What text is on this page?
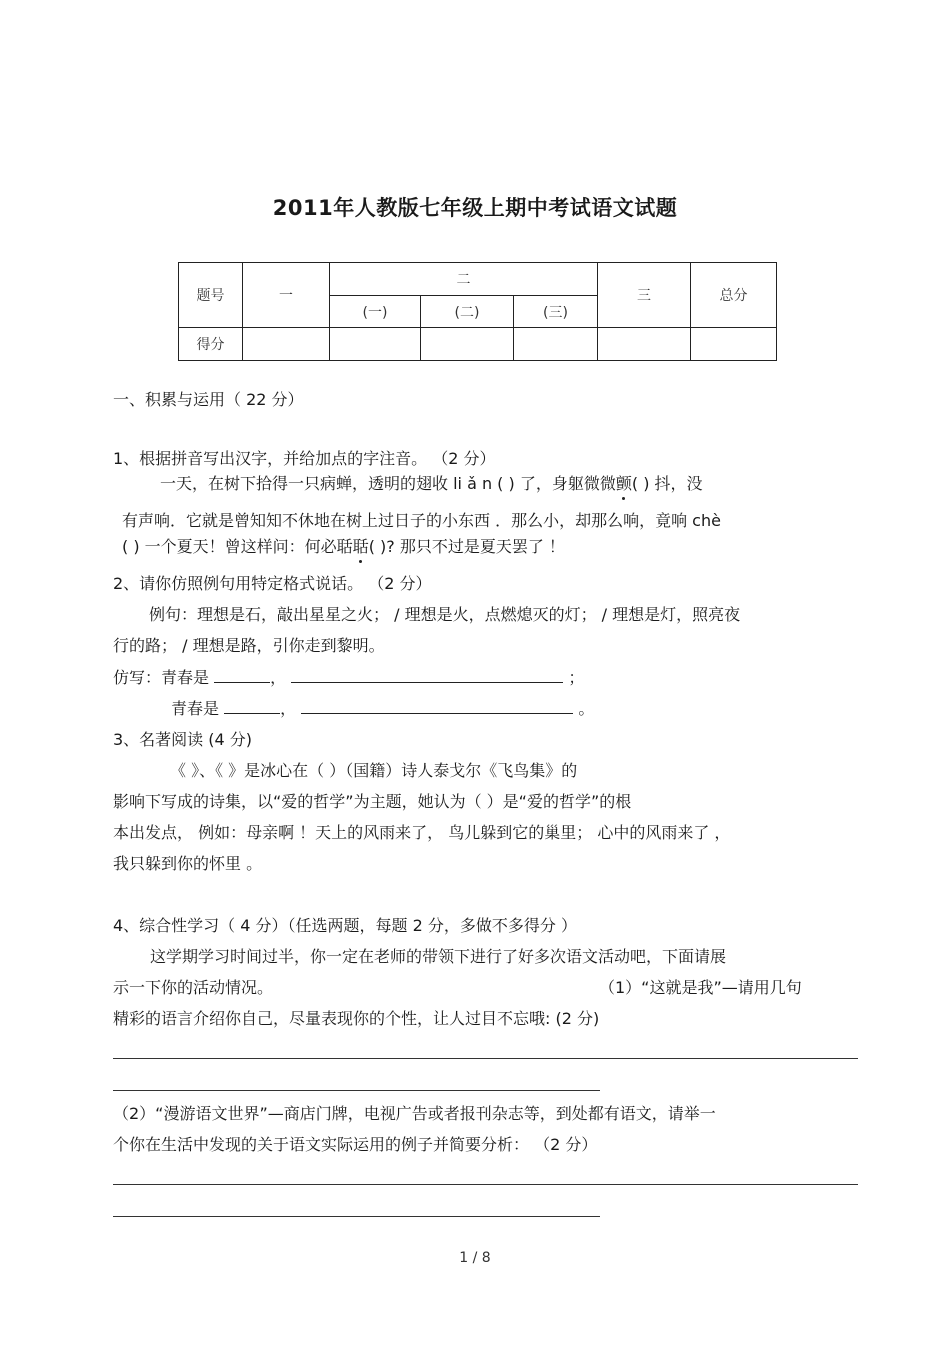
2011年人教版七年级上期中考试语文试题
题号	一	二			三	总分
		(一)	(二)	(三)		
得分						
一、积累与运用（ 22 分）
1、根据拼音写出汉字，并给加点的字注音。 （2 分）
一天，在树下拾得一只病蝉，透明的翅收 li ǎ n ( ) 了，身躯微微颤( ) 抖，没
有声响．它就是曾知知不休地在树上过日子的小东西 ．那么小，却那么响，竟响 chè
( ) 一个夏天！曾这样问：何必聒聒( )? 那只不过是夏天罢了 ！
2、请你仿照例句用特定格式说话。 （2 分）
例句：理想是石，敲出星星之火； / 理想是火，点燃熄灭的灯； / 理想是灯，照亮夜
行的路； / 理想是路，引你走到黎明。
仿写：青春是	，	；
青春是	，	。
3、名著阅读 (4 分)
《 》、《 》是冰心在（ ）（国籍）诗人泰戈尔《飞鸟集》的
影响下写成的诗集，以“爱的哲学”为主题，她认为（ ）是“爱的哲学”的根
本出发点， 例如：母亲啊 ！天上的风雨来了， 鸟儿躲到它的巢里； 心中的风雨来了 ，
我只躲到你的怀里 。
4、综合性学习（ 4 分）（任选两题，每题 2 分，多做不多得分 ）
这学期学习时间过半，你一定在老师的带领下进行了好多次语文活动吧，下面请展
示一下你的活动情况。	（1）“这就是我”—请用几句
精彩的语言介绍你自己，尽量表现你的个性，让人过目不忘哦: (2 分)
（2）“漫游语文世界”—商店门牌，电视广告或者报刊杂志等，到处都有语文，请举一
个你在生活中发现的关于语文实际运用的例子并简要分析： （2 分）
1 / 8
